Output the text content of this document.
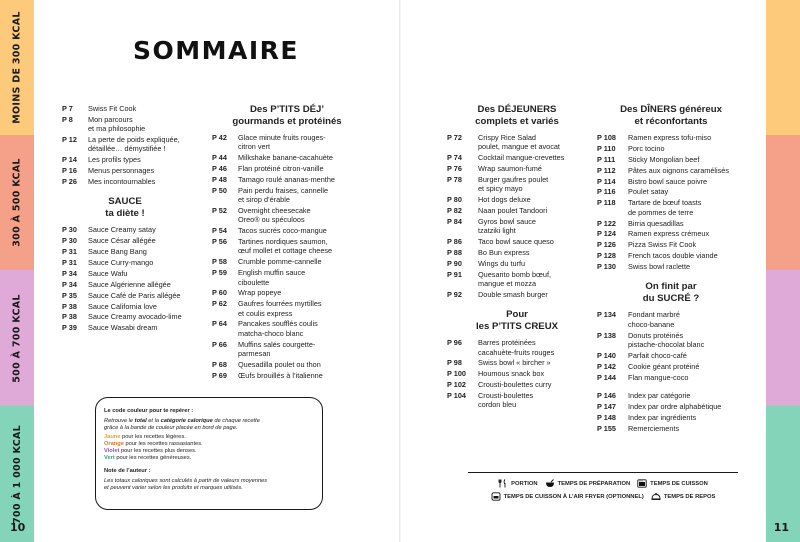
MOINS DE 300 KCAL
300 À 500 KCAL
500 À 700 KCAL
700 À 1 000 KCAL
10	11
SOMMAIRE
P 7	Swiss Fit Cook
P 8	Mon parcours
et ma philosophie
P 12	La perte de poids expliquée,
détaillée… démystifiée !
P 14	Les profils types
P 16	Menus personnages
P 26	Mes incontournables
SAUCE
ta diète !
P 30	Sauce Creamy satay
P 30	Sauce César allégée
P 31	Sauce Bang Bang
P 31	Sauce Curry-mango
P 34	Sauce Wafu
P 34	Sauce Algérienne allégée
P 35	Sauce Café de Paris allégée
P 38	Sauce California love
P 38	Sauce Creamy avocado-lime
P 39	Sauce Wasabi dream
Des P’TITS DÉJ’
gourmands et protéinés
P 42	Glace minute fruits rouges-
citron vert
P 44	Milkshake banane-cacahuète
P 46	Flan protéiné citron-vanille
P 48	Tamago roulé ananas-menthe
P 50	Pain perdu fraises, cannelle
et sirop d’érable
P 52	Overnight cheesecake
Oreo® ou spéculoos
P 54	Tacos sucrés coco-mangue
P 56	Tartines nordiques saumon,
œuf mollet et cottage cheese
P 58	Crumble pomme-cannelle
P 59	English muffin sauce
ciboulette
P 60	Wrap popeye
P 62	Gaufres fourrées myrtilles
et coulis express
P 64	Pancakes soufflés coulis
matcha-choco blanc
P 66	Muffins salés courgette-
parmesan
P 68	Quesadilla poulet ou thon
P 69	Œufs brouillés à l’italienne
Le code couleur pour te repérer :
Retrouve le total et la catégorie calorique de chaque recette
grâce à la bande de couleur placée en bord de page.
Jaune pour les recettes légères.
Orange pour les recettes rassasiantes.
Violet pour les recettes plus denses.
Vert pour les recettes généreuses.
Note de l’auteur :
Les totaux caloriques sont calculés à partir de valeurs moyennes
et peuvent varier selon les produits et marques utilisés.
Des DÉJEUNERS
complets et variés
P 72	Crispy Rice Salad
poulet, mangue et avocat
P 74	Cocktail mangue-crevettes
P 76	Wrap saumon-fumé
P 78	Burger gaufres poulet
et spicy mayo
P 80	Hot dogs deluxe
P 82	Naan poulet Tandoori
P 84	Gyros bowl sauce
tzatziki light
P 86	Taco bowl sauce queso
P 88	Bo Bun express
P 90	Wings du turfu
P 91	Quesarito bomb bœuf,
mangue et mozza
P 92	Double smash burger
Pour
les P’TITS CREUX
P 96	Barres protéinées
cacahuète-fruits rouges
P 98	Swiss bowl « bircher »
P 100	Houmous snack box
P 102	Crousti-boulettes curry
P 104	Crousti-boulettes
cordon bleu
Des DÎNERS généreux
et réconfortants
P 108	Ramen express tofu-miso
P 110	Porc tocino
P 111	Sticky Mongolian beef
P 112	Pâtes aux oignons caramélisés
P 114	Bistro bowl sauce poivre
P 116	Poulet satay
P 118	Tartare de bœuf toasts
de pommes de terre
P 122	Birria quesadillas
P 124	Ramen express crémeux
P 126	Pizza Swiss Fit Cook
P 128	French tacos double viande
P 130	Swiss bowl raclette
On finit par
du SUCRÉ ?
P 134	Fondant marbré
choco-banane
P 138	Donuts protéinés
pistache-chocolat blanc
P 140	Parfait choco-café
P 142	Cookie géant protéiné
P 144	Flan mangue-coco
P 146	Index par catégorie
P 147	Index par ordre alphabétique
P 148	Index par ingrédients
P 155	Remerciements
PORTION	TEMPS DE PRÉPARATION	TEMPS DE CUISSON
TEMPS DE CUISSON À L’AIR FRYER (OPTIONNEL)	TEMPS DE REPOS
